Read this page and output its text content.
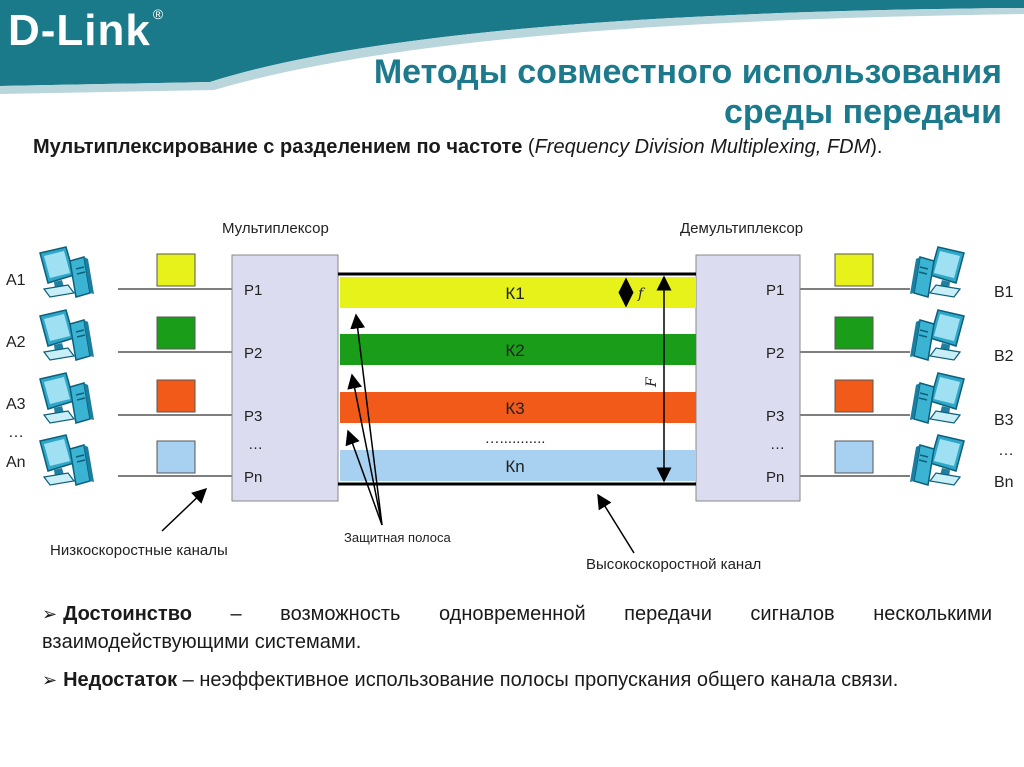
D-Link ®
Методы совместного использования
среды передачи
Мультиплексирование с разделением по частоте (Frequency Division Multiplexing, FDM).
Мультиплексор	Демультиплексор
A1
A2
A3
…
An
B1
B2
B3
…
Bn
P1
P2
P3
…
Pn
P1
P2
P3
…
Pn
К1
К2
К3
…...........
Кn
f
F
Защитная полоса
Низкоскоростные каналы
Высокоскоростной канал
➢ Достоинство – возможность одновременной передачи сигналов несколькими взаимодействующими системами.
➢ Недостаток – неэффективное использование полосы пропускания общего канала связи.
